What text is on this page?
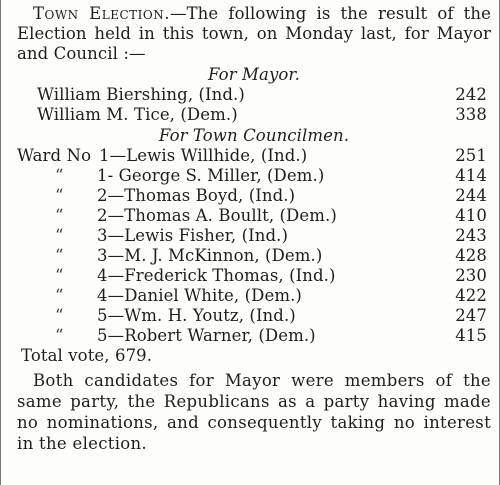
Town Election.—The following is the result of the Election held in this town, on Monday last, for Mayor and Council :—

For Mayor.

William Biershing, (Ind.)	242
William M. Tice, (Dem.)	338

For Town Councilmen.

Ward No 1—Lewis Willhide, (Ind.)	251
“ 1- George S. Miller, (Dem.)	414
“ 2—Thomas Boyd, (Ind.)	244
“ 2—Thomas A. Boullt, (Dem.)	410
“ 3—Lewis Fisher, (Ind.)	243
“ 3—M. J. McKinnon, (Dem.)	428
“ 4—Frederick Thomas, (Ind.)	230
“ 4—Daniel White, (Dem.)	422
“ 5—Wm. H. Youtz, (Ind.)	247
“ 5—Robert Warner, (Dem.)	415

Total vote, 679.

Both candidates for Mayor were members of the same party, the Republicans as a party having made no nominations, and consequently taking no interest in the election.
